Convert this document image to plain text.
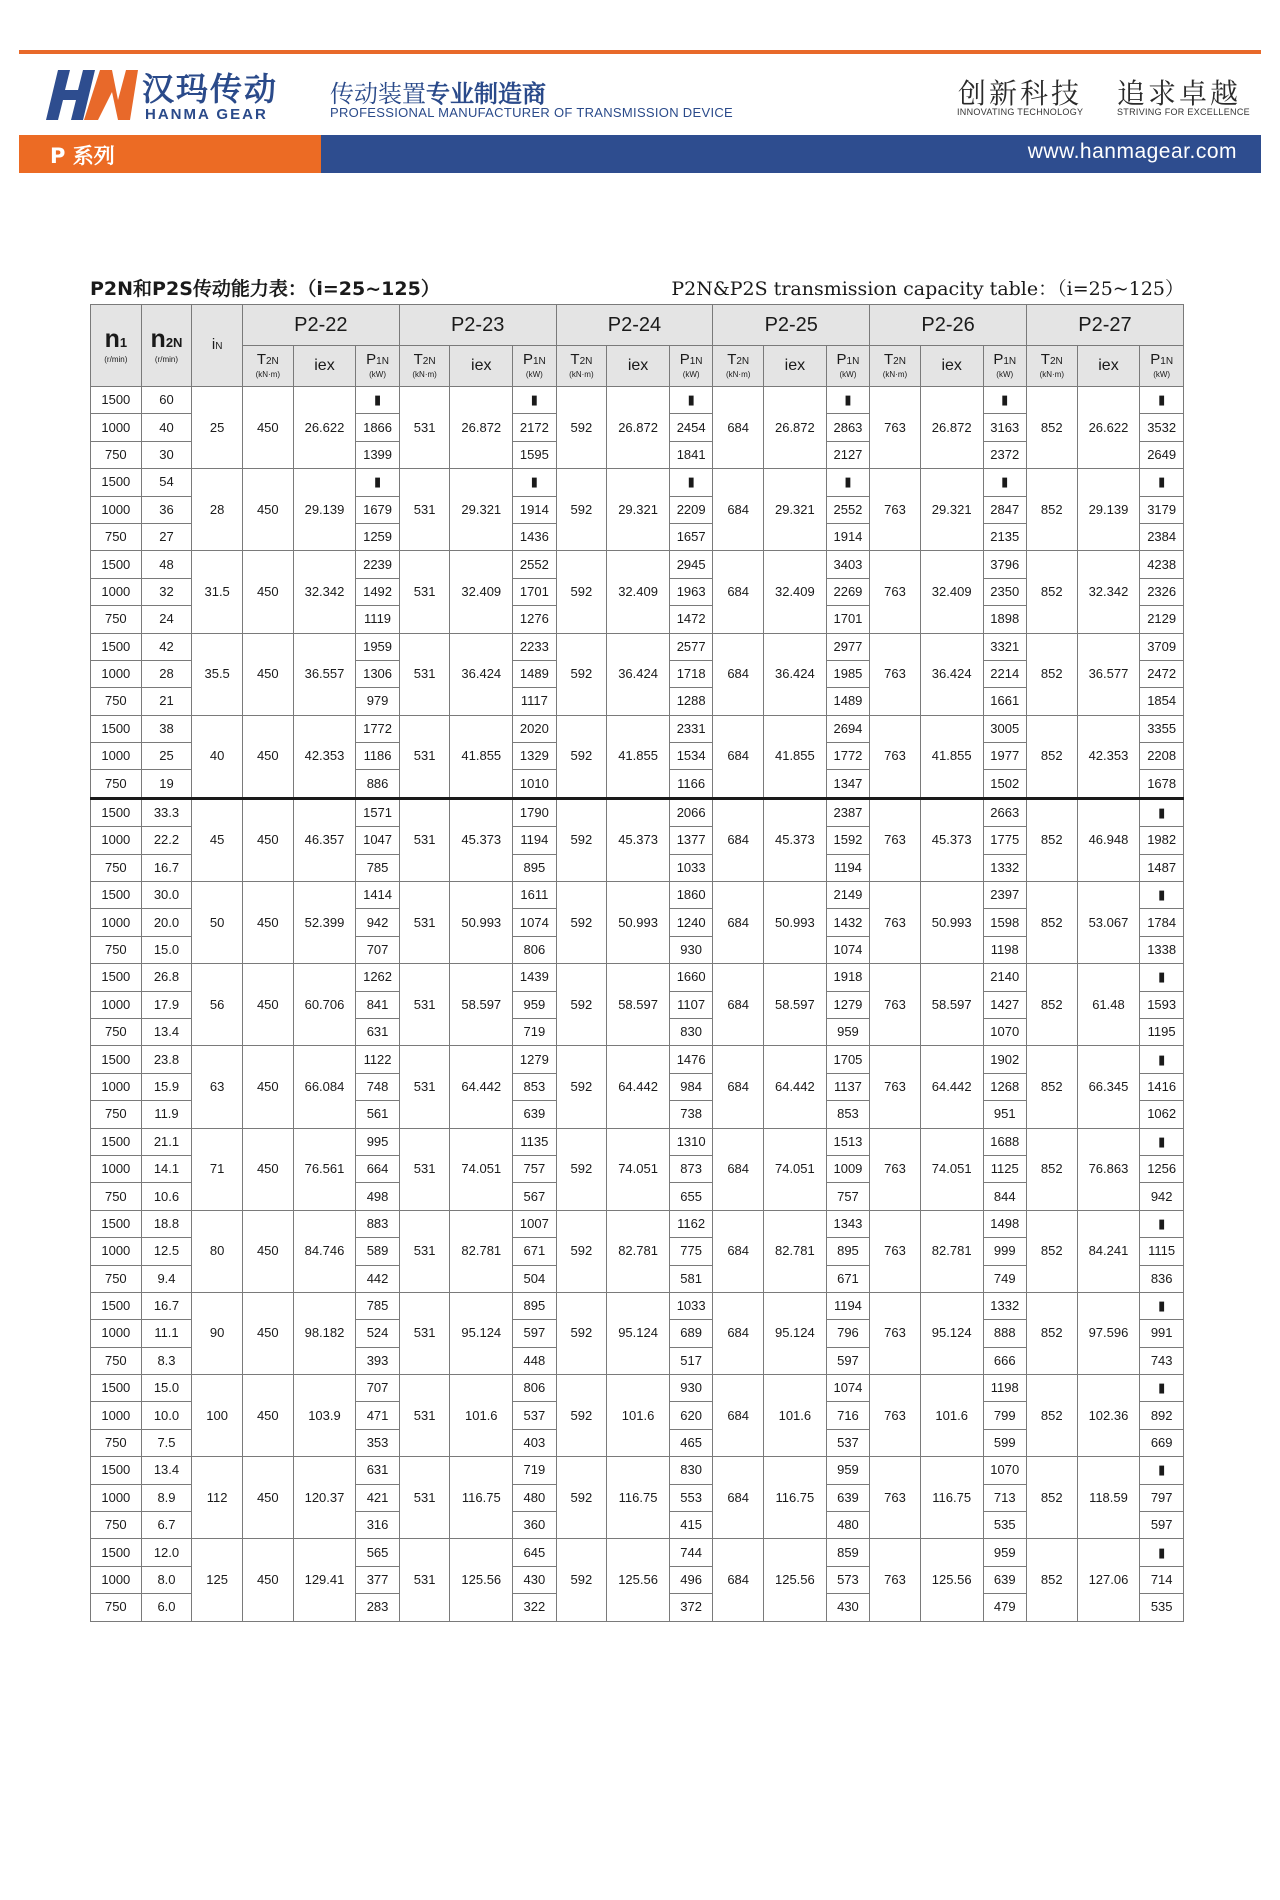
汉玛传动
HANMA GEAR
传动装置专业制造商
PROFESSIONAL MANUFACTURER OF TRANSMISSION DEVICE
创新科技 追求卓越
INNOVATING TECHNOLOGY	STRIVING FOR EXCELLENCE
P 系列	www.hanmagear.com
P2N和P2S传动能力表：（i=25~125）	P2N&P2S transmission capacity table：（i=25~125）
n1
(r/min)	n2N
(r/min)	iN	P2-22			P2-23			P2-24			P2-25			P2-26			P2-27		

			T2N
(kN·m)	iex	P1N
(kW)	T2N
(kN·m)	iex	P1N
(kW)	T2N
(kN·m)	iex	P1N
(kW)	T2N
(kN·m)	iex	P1N
(kW)	T2N
(kN·m)	iex	P1N
(kW)	T2N
(kN·m)	iex	P1N
(kW)

1500	60	25	450	26.622	▮	531	26.872	▮	592	26.872	▮	684	26.872	▮	763	26.872	▮	852	26.622	▮
1000	40				1866			2172			2454			2863			3163			3532
750	30				1399			1595			1841			2127			2372			2649
1500	54	28	450	29.139	▮	531	29.321	▮	592	29.321	▮	684	29.321	▮	763	29.321	▮	852	29.139	▮
1000	36				1679			1914			2209			2552			2847			3179
750	27				1259			1436			1657			1914			2135			2384
1500	48	31.5	450	32.342	2239	531	32.409	2552	592	32.409	2945	684	32.409	3403	763	32.409	3796	852	32.342	4238
1000	32				1492			1701			1963			2269			2350			2326
750	24				1119			1276			1472			1701			1898			2129
1500	42	35.5	450	36.557	1959	531	36.424	2233	592	36.424	2577	684	36.424	2977	763	36.424	3321	852	36.577	3709
1000	28				1306			1489			1718			1985			2214			2472
750	21				979			1117			1288			1489			1661			1854
1500	38	40	450	42.353	1772	531	41.855	2020	592	41.855	2331	684	41.855	2694	763	41.855	3005	852	42.353	3355
1000	25				1186			1329			1534			1772			1977			2208
750	19				886			1010			1166			1347			1502			1678
1500	33.3	45	450	46.357	1571	531	45.373	1790	592	45.373	2066	684	45.373	2387	763	45.373	2663	852	46.948	▮
1000	22.2				1047			1194			1377			1592			1775			1982
750	16.7				785			895			1033			1194			1332			1487
1500	30.0	50	450	52.399	1414	531	50.993	1611	592	50.993	1860	684	50.993	2149	763	50.993	2397	852	53.067	▮
1000	20.0				942			1074			1240			1432			1598			1784
750	15.0				707			806			930			1074			1198			1338
1500	26.8	56	450	60.706	1262	531	58.597	1439	592	58.597	1660	684	58.597	1918	763	58.597	2140	852	61.48	▮
1000	17.9				841			959			1107			1279			1427			1593
750	13.4				631			719			830			959			1070			1195
1500	23.8	63	450	66.084	1122	531	64.442	1279	592	64.442	1476	684	64.442	1705	763	64.442	1902	852	66.345	▮
1000	15.9				748			853			984			1137			1268			1416
750	11.9				561			639			738			853			951			1062
1500	21.1	71	450	76.561	995	531	74.051	1135	592	74.051	1310	684	74.051	1513	763	74.051	1688	852	76.863	▮
1000	14.1				664			757			873			1009			1125			1256
750	10.6				498			567			655			757			844			942
1500	18.8	80	450	84.746	883	531	82.781	1007	592	82.781	1162	684	82.781	1343	763	82.781	1498	852	84.241	▮
1000	12.5				589			671			775			895			999			1115
750	9.4				442			504			581			671			749			836
1500	16.7	90	450	98.182	785	531	95.124	895	592	95.124	1033	684	95.124	1194	763	95.124	1332	852	97.596	▮
1000	11.1				524			597			689			796			888			991
750	8.3				393			448			517			597			666			743
1500	15.0	100	450	103.9	707	531	101.6	806	592	101.6	930	684	101.6	1074	763	101.6	1198	852	102.36	▮
1000	10.0				471			537			620			716			799			892
750	7.5				353			403			465			537			599			669
1500	13.4	112	450	120.37	631	531	116.75	719	592	116.75	830	684	116.75	959	763	116.75	1070	852	118.59	▮
1000	8.9				421			480			553			639			713			797
750	6.7				316			360			415			480			535			597
1500	12.0	125	450	129.41	565	531	125.56	645	592	125.56	744	684	125.56	859	763	125.56	959	852	127.06	▮
1000	8.0				377			430			496			573			639			714
750	6.0				283			322			372			430			479			535
